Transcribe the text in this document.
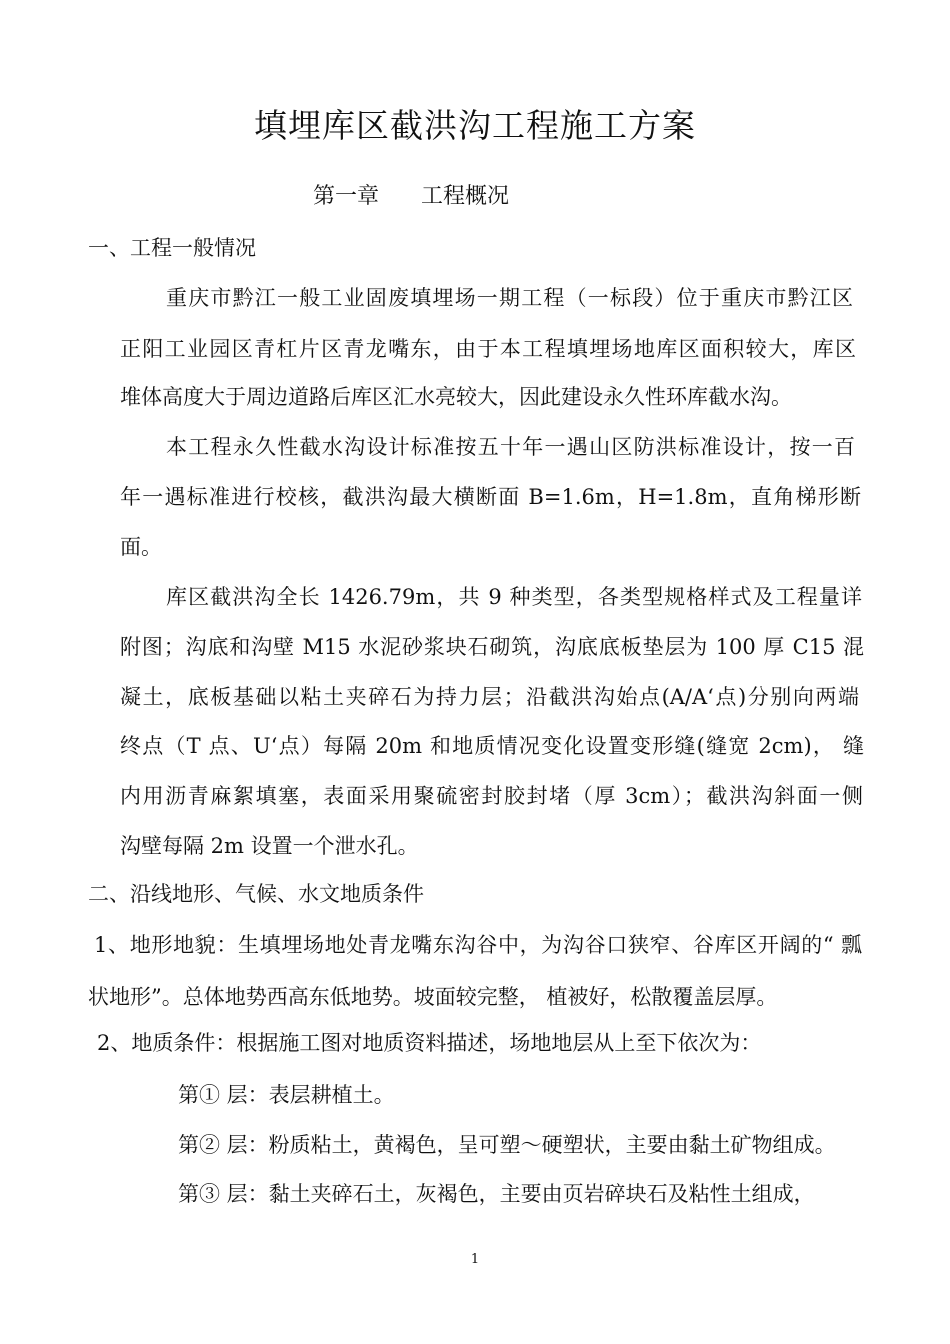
填埋库区截洪沟工程施工方案
第一章 工程概况
一、工程一般情况
重庆市黔江一般工业固废填埋场一期工程（一标段）位于重庆市黔江区
正阳工业园区青杠片区青龙嘴东，由于本工程填埋场地库区面积较大，库区
堆体高度大于周边道路后库区汇水亮较大，因此建设永久性环库截水沟。
本工程永久性截水沟设计标准按五十年一遇山区防洪标准设计，按一百
年一遇标准进行校核，截洪沟最大横断面 B=1.6m，H=1.8m，直角梯形断
面。
库区截洪沟全长 1426.79m，共 9 种类型，各类型规格样式及工程量详
附图；沟底和沟壁 M15 水泥砂浆块石砌筑，沟底底板垫层为 100 厚 C15 混
凝土，底板基础以粘土夹碎石为持力层；沿截洪沟始点(A/A‘点)分别向两端
终点（T 点、U‘点）每隔 20m 和地质情况变化设置变形缝(缝宽 2cm)， 缝
内用沥青麻絮填塞，表面采用聚硫密封胶封堵（厚 3cm）；截洪沟斜面一侧
沟壁每隔 2m 设置一个泄水孔。
二、沿线地形、气候、水文地质条件
1、地形地貌：生填埋场地处青龙嘴东沟谷中，为沟谷口狭窄、谷库区开阔的“ 瓢
状地形”。总体地势西高东低地势。坡面较完整， 植被好，松散覆盖层厚。
2、地质条件：根据施工图对地质资料描述，场地地层从上至下依次为：
第① 层：表层耕植土。
第② 层：粉质粘土，黄褐色，呈可塑～硬塑状，主要由黏土矿物组成。
第③ 层：黏土夹碎石土，灰褐色，主要由页岩碎块石及粘性土组成，
1
